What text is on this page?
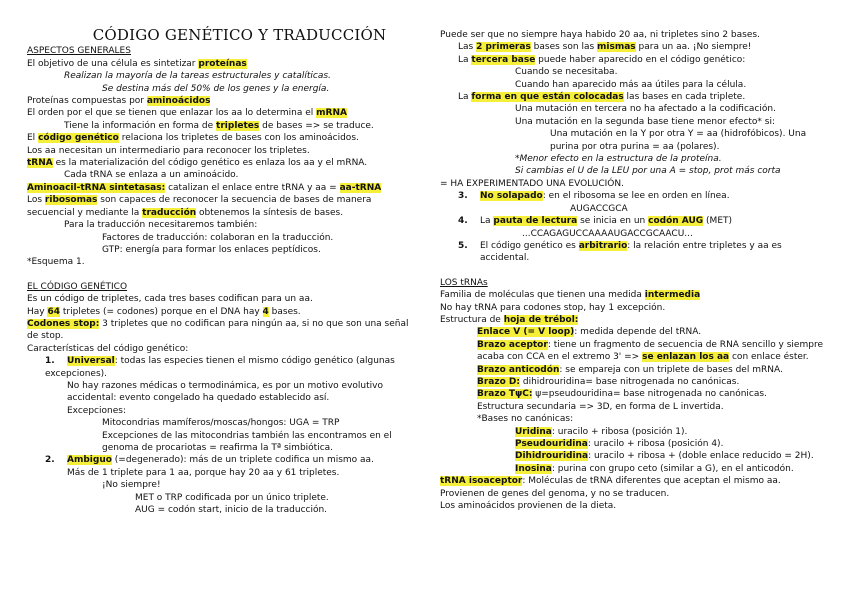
CÓDIGO GENÉTICO Y TRADUCCIÓN
ASPECTOS GENERALES
El objetivo de una célula es sintetizar proteínas
Realizan la mayoría de la tareas estructurales y catalíticas.
Se destina más del 50% de los genes y la energía.
Proteínas compuestas por aminoácidos
El orden por el que se tienen que enlazar los aa lo determina el mRNA
Tiene la información en forma de tripletes de bases => se traduce.
El código genético relaciona los tripletes de bases con los aminoácidos.
Los aa necesitan un intermediario para reconocer los tripletes.
tRNA es la materialización del código genético es enlaza los aa y el mRNA.
Cada tRNA se enlaza a un aminoácido.
Aminoacil-tRNA sintetasas: catalizan el enlace entre tRNA y aa = aa-tRNA
Los ribosomas son capaces de reconocer la secuencia de bases de manera
secuencial y mediante la traducción obtenemos la síntesis de bases.
Para la traducción necesitaremos también:
Factores de traducción: colaboran en la traducción.
GTP: energía para formar los enlaces peptídicos.
*Esquema 1.
EL CÓDIGO GENÉTICO
Es un código de tripletes, cada tres bases codifican para un aa.
Hay 64 tripletes (= codones) porque en el DNA hay 4 bases.
Codones stop: 3 tripletes que no codifican para ningún aa, si no que son una señal de stop.
Características del código genético:
1. Universal: todas las especies tienen el mismo código genético (algunas excepciones).
No hay razones médicas o termodinámica, es por un motivo evolutivo accidental: evento congelado ha quedado establecido así.
Excepciones:
Mitocondrias mamíferos/moscas/hongos: UGA = TRP
Excepciones de las mitocondrias también las encontramos en el genoma de procariotas = reafirma la Tª simbiótica.
2. Ambiguo (=degenerado): más de un triplete codifica un mismo aa.
Más de 1 triplete para 1 aa, porque hay 20 aa y 61 tripletes.
¡No siempre!
MET o TRP codificada por un único triplete.
AUG = codón start, inicio de la traducción.
Puede ser que no siempre haya habido 20 aa, ni tripletes sino 2 bases.
Las 2 primeras bases son las mismas para un aa. ¡No siempre!
La tercera base puede haber aparecido en el código genético:
Cuando se necesitaba.
Cuando han aparecido más aa útiles para la célula.
La forma en que están colocadas las bases en cada triplete.
Una mutación en tercera no ha afectado a la codificación.
Una mutación en la segunda base tiene menor efecto* si:
Una mutación en la Y por otra Y = aa (hidrofóbicos). Una purina por otra purina = aa (polares).
*Menor efecto en la estructura de la proteína.
Si cambias el U de la LEU por una A = stop, prot más corta
= HA EXPERIMENTADO UNA EVOLUCIÓN.
3. No solapado: en el ribosoma se lee en orden en línea.
AUGACCGCA
4. La pauta de lectura se inicia en un codón AUG (MET)
...CCAGAGUCCAAAAUGACCGCAACU...
5. El código genético es arbitrario: la relación entre tripletes y aa es accidental.
LOS tRNAs
Familia de moléculas que tienen una medida intermedia
No hay tRNA para codones stop, hay 1 excepción.
Estructura de hoja de trébol:
Enlace V (= V loop): medida depende del tRNA.
Brazo aceptor: tiene un fragmento de secuencia de RNA sencillo y siempre acaba con CCA en el extremo 3' => se enlazan los aa con enlace éster.
Brazo anticodón: se empareja con un triplete de bases del mRNA.
Brazo D: dihidrouridina= base nitrogenada no canónicas.
Brazo TψC: ψ=pseudouridina= base nitrogenada no canónicas.
Estructura secundaria => 3D, en forma de L invertida.
*Bases no canónicas:
Uridina: uracilo + ribosa (posición 1).
Pseudouridina: uracilo + ribosa (posición 4).
Dihidrouridina: uracilo + ribosa + (doble enlace reducido = 2H).
Inosina: purina con grupo ceto (similar a G), en el anticodón.
tRNA isoaceptor: Moléculas de tRNA diferentes que aceptan el mismo aa.
Provienen de genes del genoma, y no se traducen.
Los aminoácidos provienen de la dieta.
